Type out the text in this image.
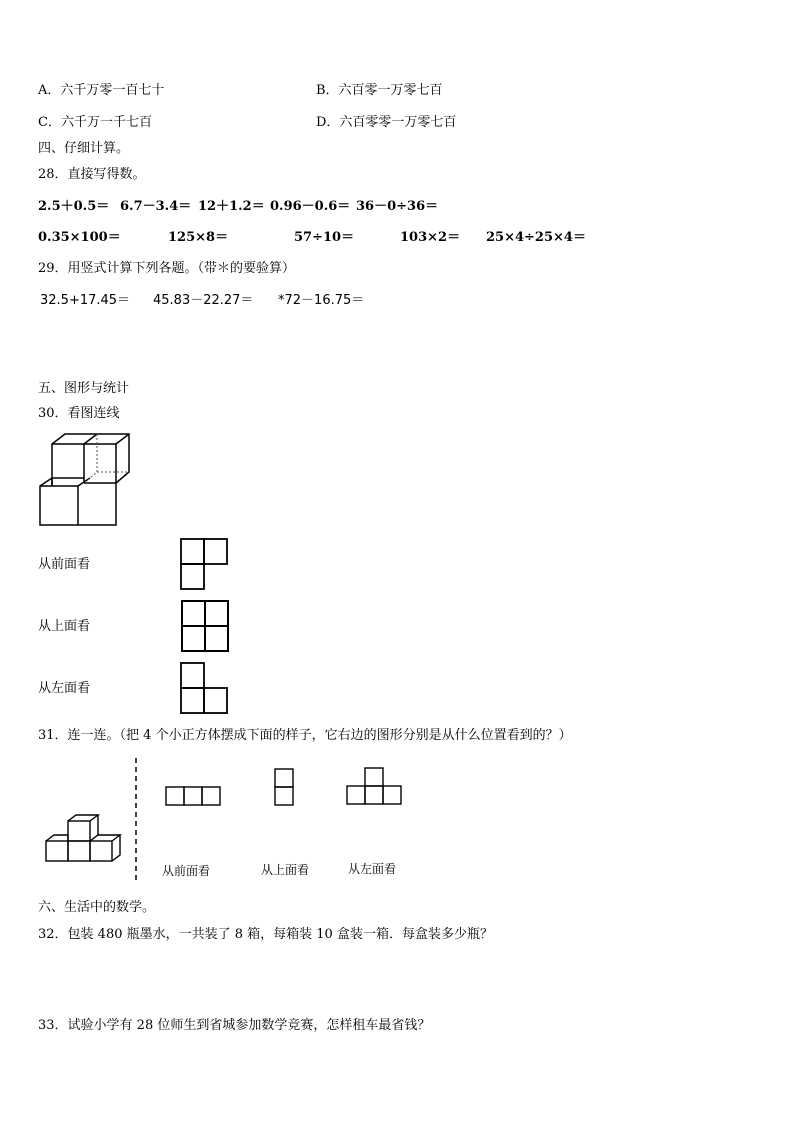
A．六千万零一百七十	B．六百零一万零七百
C．六千万一千七百	D．六百零零一万零七百
四、仔细计算。
28．直接写得数。
2.5＋0.5＝ 6.7－3.4＝ 12＋1.2＝ 0.96－0.6＝ 36－0÷36＝
0.35×100＝	125×8＝	57÷10＝	103×2＝ 25×4÷25×4＝
29．用竖式计算下列各题。（带＊的要验算）
32.5+17.45＝ 45.83－22.27＝ *72－16.75＝
五、图形与统计
30．看图连线
从前面看
从上面看
从左面看
31．连一连。（把 4 个小正方体摆成下面的样子，它右边的图形分别是从什么位置看到的？）
从前面看	从上面看	从左面看
六、生活中的数学。
32．包装 480 瓶墨水，一共装了 8 箱，每箱装 10 盒装一箱．每盒装多少瓶？
33．试验小学有 28 位师生到省城参加数学竞赛，怎样租车最省钱？
